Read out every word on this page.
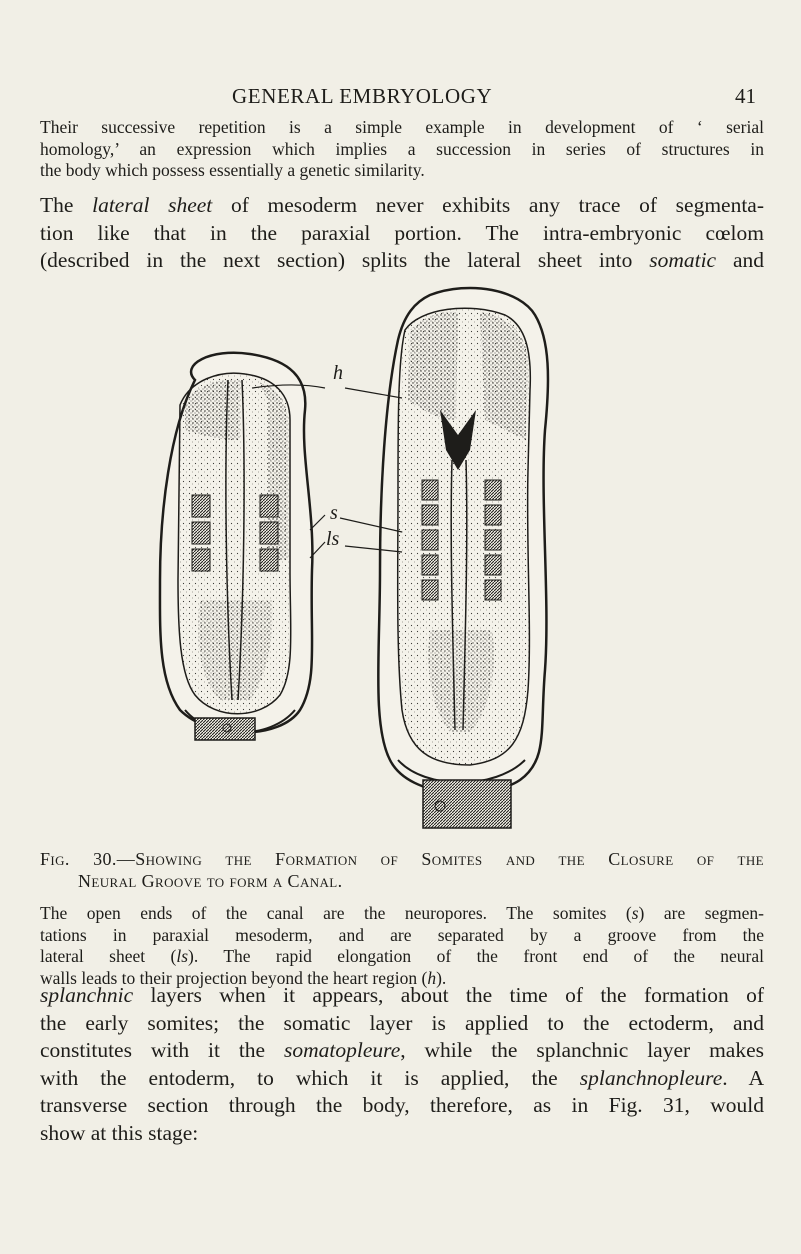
GENERAL EMBRYOLOGY	41
Their successive repetition is a simple example in development of ‘ serial
homology,’ an expression which implies a succession in series of structures in
the body which possess essentially a genetic similarity.
The lateral sheet of mesoderm never exhibits any trace of segmenta-
tion like that in the paraxial portion. The intra-embryonic cœlom
(described in the next section) splits the lateral sheet into somatic and
h
s
ls
Fig. 30.—Showing the Formation of Somites and the Closure of the
Neural Groove to form a Canal.
The open ends of the canal are the neuropores. The somites (s) are segmen-
tations in paraxial mesoderm, and are separated by a groove from the
lateral sheet (ls). The rapid elongation of the front end of the neural
walls leads to their projection beyond the heart region (h).
splanchnic layers when it appears, about the time of the formation of
the early somites; the somatic layer is applied to the ectoderm, and
constitutes with it the somatopleure, while the splanchnic layer makes
with the entoderm, to which it is applied, the splanchnopleure. A
transverse section through the body, therefore, as in Fig. 31, would
show at this stage:
